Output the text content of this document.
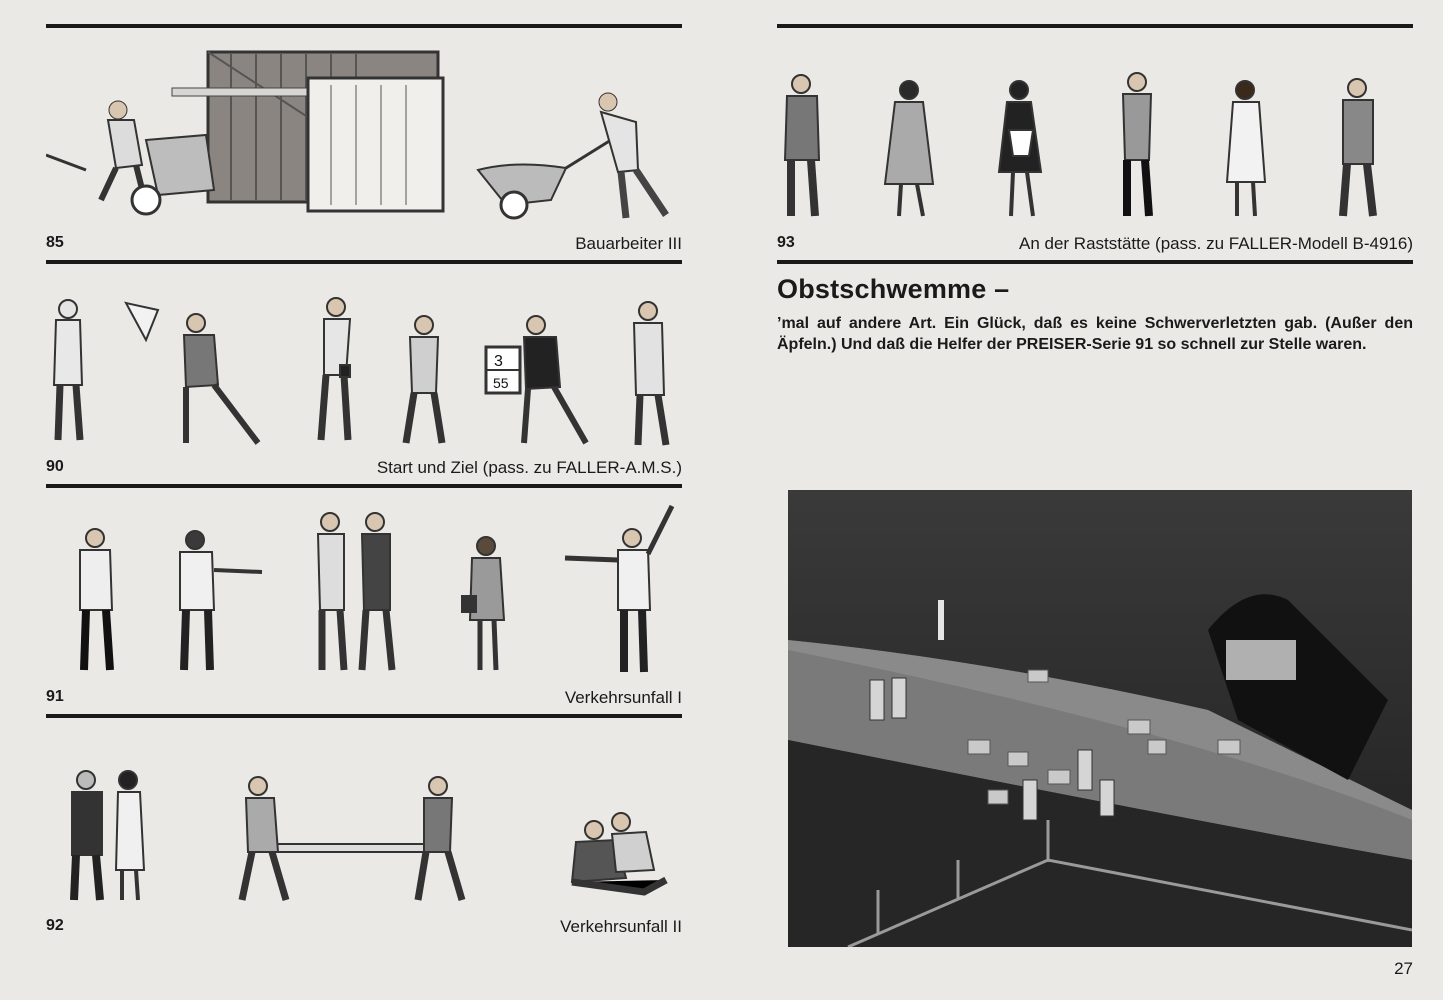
85	Bauarbeiter III
3
55
90	Start und Ziel (pass. zu FALLER-A.M.S.)
91	Verkehrsunfall I
92	Verkehrsunfall II
93	An der Raststätte (pass. zu FALLER-Modell B-4916)
Obstschwemme –
’mal auf andere Art. Ein Glück, daß es keine Schwerverletzten gab. (Außer den Äpfeln.) Und daß die Helfer der PREISER-Serie 91 so schnell zur Stelle waren.
27
